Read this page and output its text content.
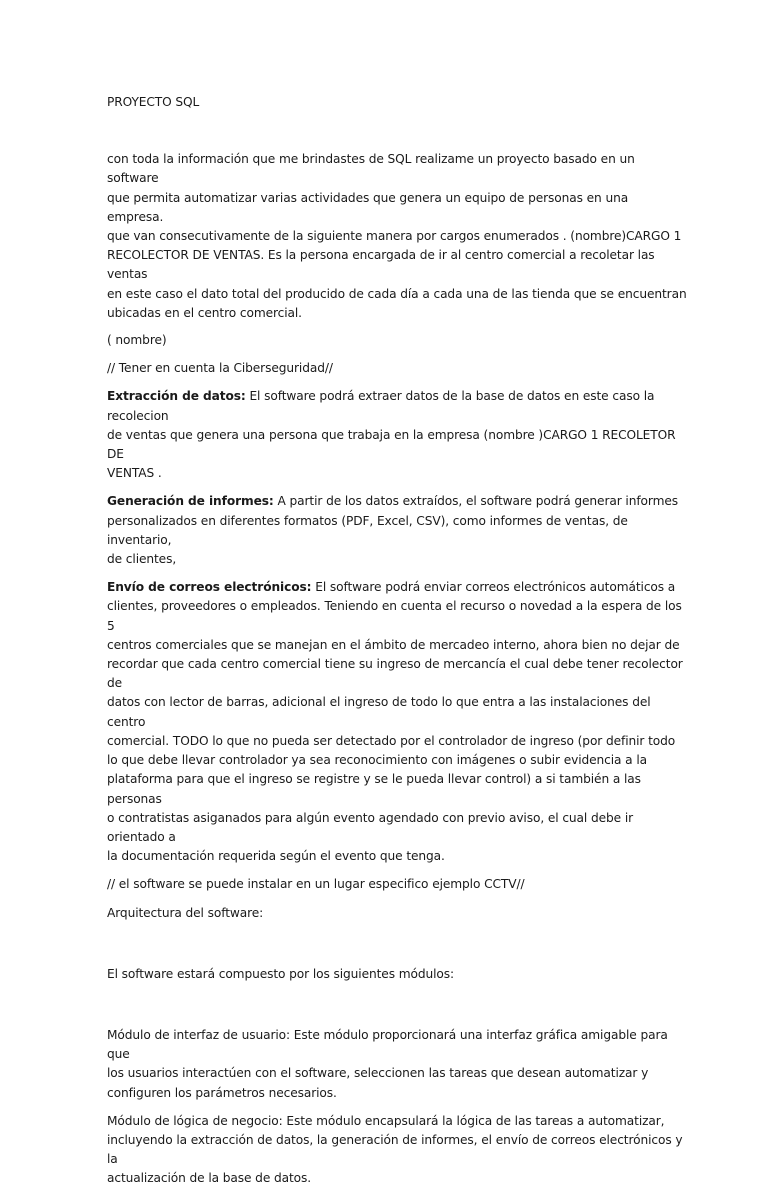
PROYECTO SQL

con toda la información que me brindastes de SQL realizame un proyecto basado en un software
que permita automatizar varias actividades que genera un equipo de personas en una empresa.
que van consecutivamente de la siguiente manera por cargos enumerados . (nombre)CARGO 1
RECOLECTOR DE VENTAS. Es la persona encargada de ir al centro comercial a recoletar las ventas
en este caso el dato total del producido de cada día a cada una de las tienda que se encuentran
ubicadas en el centro comercial.

( nombre)

// Tener en cuenta la Ciberseguridad//

Extracción de datos: El software podrá extraer datos de la base de datos en este caso la recolecion
de ventas que genera una persona que trabaja en la empresa (nombre )CARGO 1 RECOLETOR DE
VENTAS .

Generación de informes: A partir de los datos extraídos, el software podrá generar informes
personalizados en diferentes formatos (PDF, Excel, CSV), como informes de ventas, de inventario,
de clientes,

Envío de correos electrónicos: El software podrá enviar correos electrónicos automáticos a
clientes, proveedores o empleados. Teniendo en cuenta el recurso o novedad a la espera de los 5
centros comerciales que se manejan en el ámbito de mercadeo interno, ahora bien no dejar de
recordar que cada centro comercial tiene su ingreso de mercancía el cual debe tener recolector de
datos con lector de barras, adicional el ingreso de todo lo que entra a las instalaciones del centro
comercial. TODO lo que no pueda ser detectado por el controlador de ingreso (por definir todo
lo que debe llevar controlador ya sea reconocimiento con imágenes o subir evidencia a la
plataforma para que el ingreso se registre y se le pueda llevar control) a si también a las personas
o contratistas asiganados para algún evento agendado con previo aviso, el cual debe ir orientado a
la documentación requerida según el evento que tenga.

// el software se puede instalar en un lugar especifico ejemplo CCTV//

Arquitectura del software:

El software estará compuesto por los siguientes módulos:

Módulo de interfaz de usuario: Este módulo proporcionará una interfaz gráfica amigable para que
los usuarios interactúen con el software, seleccionen las tareas que desean automatizar y
configuren los parámetros necesarios.

Módulo de lógica de negocio: Este módulo encapsulará la lógica de las tareas a automatizar,
incluyendo la extracción de datos, la generación de informes, el envío de correos electrónicos y la
actualización de la base de datos.
